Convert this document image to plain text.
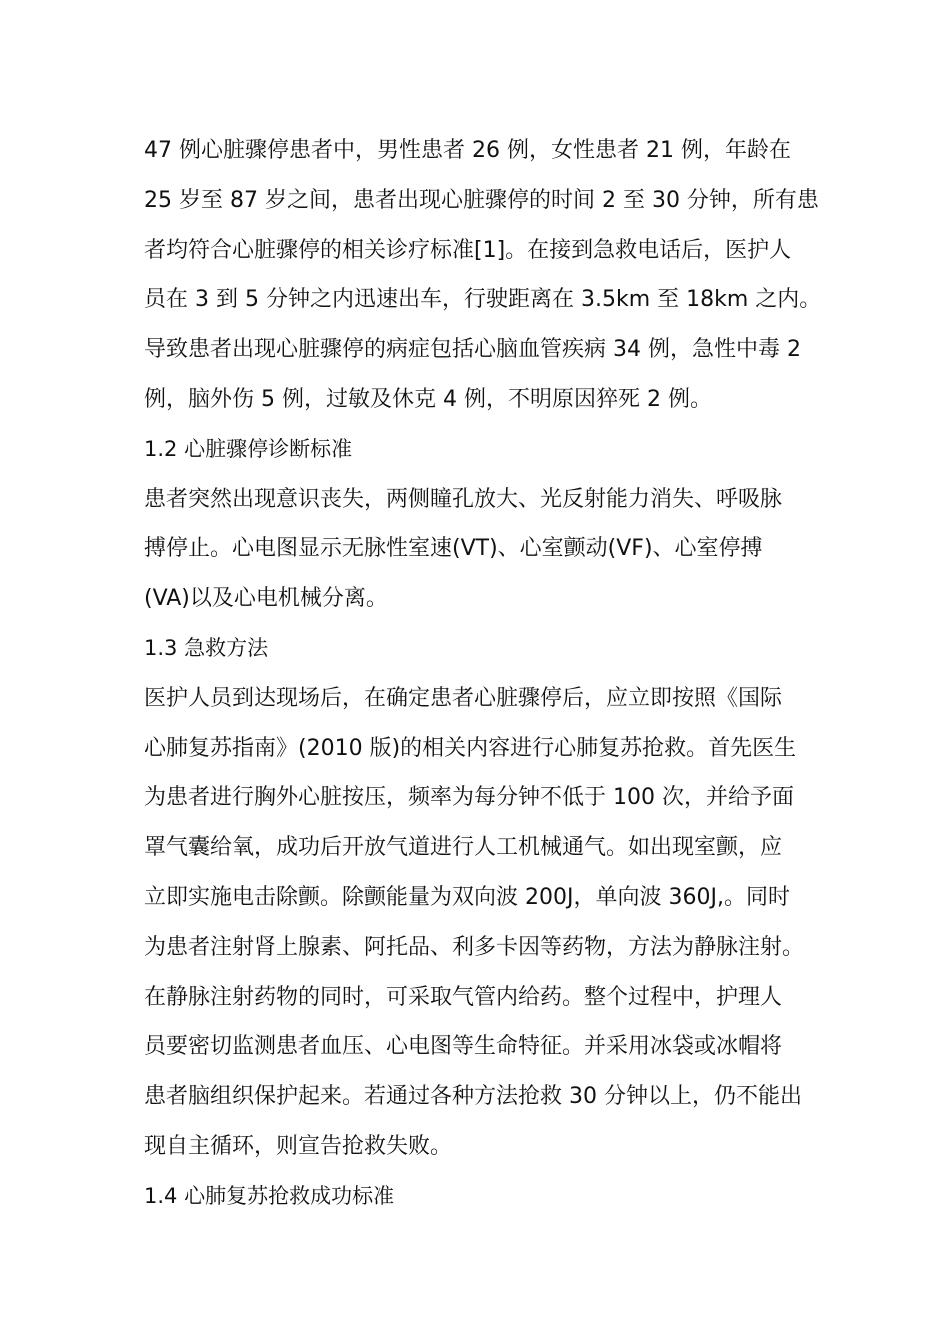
47 例心脏骤停患者中，男性患者 26 例，女性患者 21 例，年龄在
25 岁至 87 岁之间，患者出现心脏骤停的时间 2 至 30 分钟，所有患
者均符合心脏骤停的相关诊疗标准[1]。在接到急救电话后，医护人
员在 3 到 5 分钟之内迅速出车，行驶距离在 3.5km 至 18km 之内。
导致患者出现心脏骤停的病症包括心脑血管疾病 34 例，急性中毒 2
例，脑外伤 5 例，过敏及休克 4 例，不明原因猝死 2 例。
1.2 心脏骤停诊断标准
患者突然出现意识丧失，两侧瞳孔放大、光反射能力消失、呼吸脉
搏停止。心电图显示无脉性室速(VT)、心室颤动(VF)、心室停搏
(VA)以及心电机械分离。
1.3 急救方法
医护人员到达现场后，在确定患者心脏骤停后，应立即按照《国际
心肺复苏指南》(2010 版)的相关内容进行心肺复苏抢救。首先医生
为患者进行胸外心脏按压，频率为每分钟不低于 100 次，并给予面
罩气囊给氧，成功后开放气道进行人工机械通气。如出现室颤，应
立即实施电击除颤。除颤能量为双向波 200J，单向波 360J,。同时
为患者注射肾上腺素、阿托品、利多卡因等药物，方法为静脉注射。
在静脉注射药物的同时，可采取气管内给药。整个过程中，护理人
员要密切监测患者血压、心电图等生命特征。并采用冰袋或冰帽将
患者脑组织保护起来。若通过各种方法抢救 30 分钟以上，仍不能出
现自主循环，则宣告抢救失败。
1.4 心肺复苏抢救成功标准
